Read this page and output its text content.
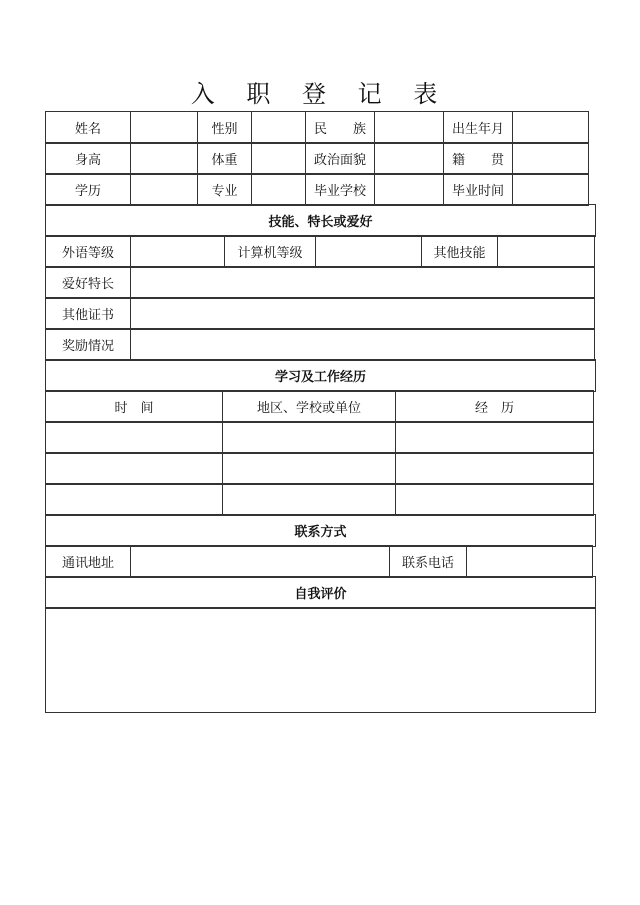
入 职 登 记 表
姓名	性别	民　　族	出生年月
身高	体重	政治面貌	籍　　贯
学历	专业	毕业学校	毕业时间
技能、特长或爱好
外语等级	计算机等级	其他技能
爱好特长
其他证书
奖励情况
学习及工作经历
时　间	地区、学校或单位	经　历
联系方式
通讯地址	联系电话
自我评价
